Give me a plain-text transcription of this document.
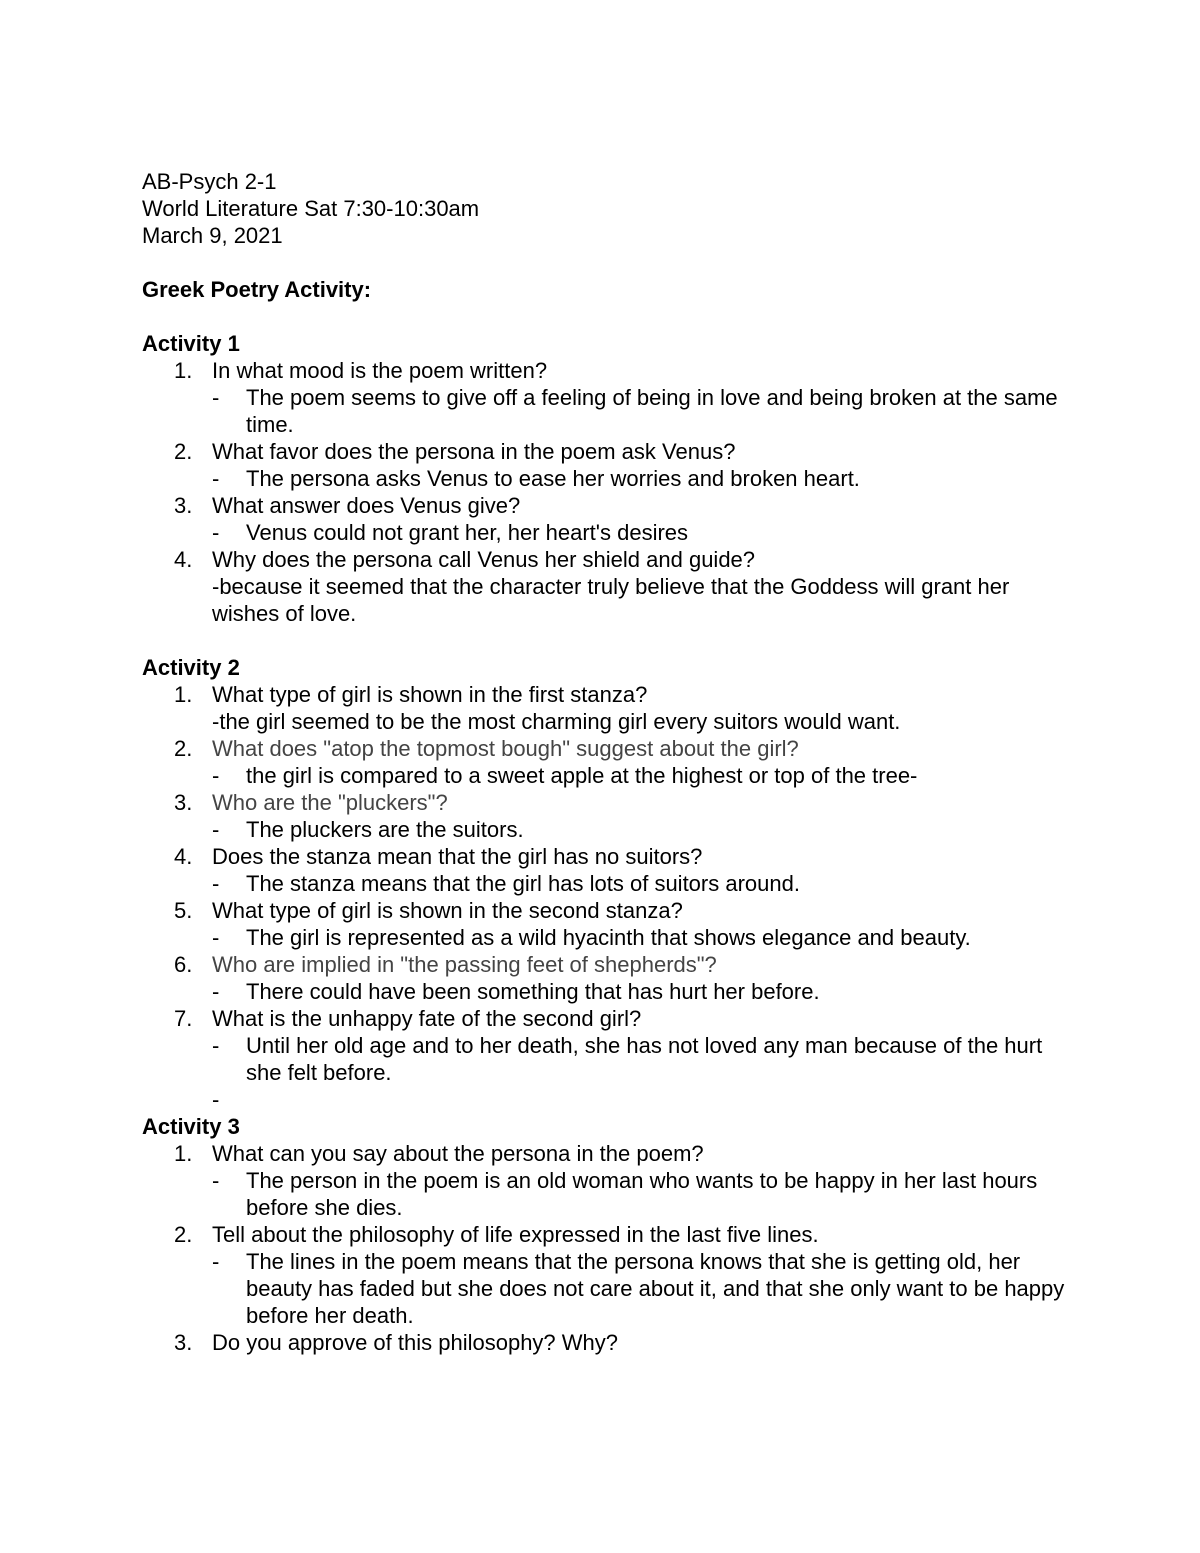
AB-Psych 2-1
World Literature Sat 7:30-10:30am
March 9, 2021
Greek Poetry Activity:
Activity 1
1. In what mood is the poem written?
- The poem seems to give off a feeling of being in love and being broken at the same time.
2. What favor does the persona in the poem ask Venus?
- The persona asks Venus to ease her worries and broken heart.
3. What answer does Venus give?
- Venus could not grant her, her heart's desires
4. Why does the persona call Venus her shield and guide?
-because it seemed that the character truly believe that the Goddess will grant her wishes of love.
Activity 2
1. What type of girl is shown in the first stanza?
-the girl seemed to be the most charming girl every suitors would want.
2. What does "atop the topmost bough" suggest about the girl?
- the girl is compared to a sweet apple at the highest or top of the tree-
3. Who are the "pluckers"?
- The pluckers are the suitors.
4. Does the stanza mean that the girl has no suitors?
- The stanza means that the girl has lots of suitors around.
5. What type of girl is shown in the second stanza?
- The girl is represented as a wild hyacinth that shows elegance and beauty.
6. Who are implied in "the passing feet of shepherds"?
- There could have been something that has hurt her before.
7. What is the unhappy fate of the second girl?
- Until her old age and to her death, she has not loved any man because of the hurt she felt before.
-
Activity 3
1. What can you say about the persona in the poem?
- The person in the poem is an old woman who wants to be happy in her last hours before she dies.
2. Tell about the philosophy of life expressed in the last five lines.
- The lines in the poem means that the persona knows that she is getting old, her beauty has faded but she does not care about it, and that she only want to be happy before her death.
3. Do you approve of this philosophy? Why?
